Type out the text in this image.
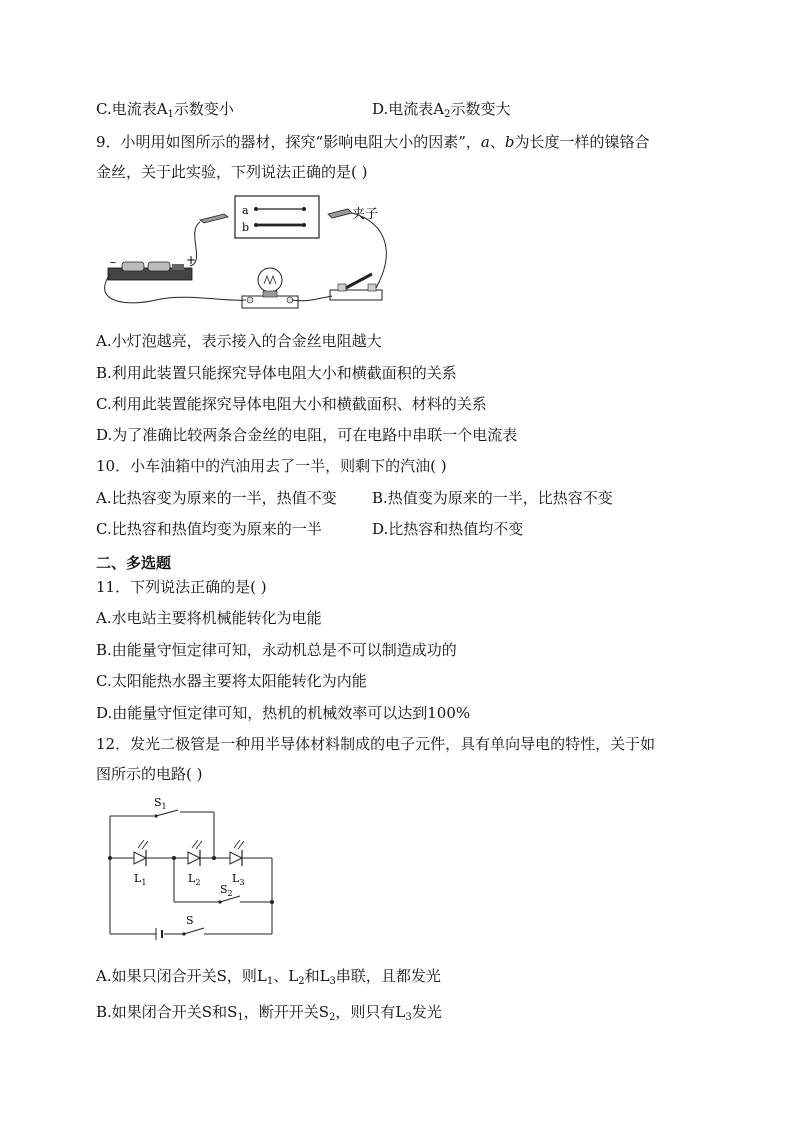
C.电流表$A_1$示数变小	D.电流表$A_2$示数变大
9．小明用如图所示的器材，探究“影响电阻大小的因素”，a、b为长度一样的镍铬合
金丝，关于此实验，下列说法正确的是( )
a
b
夹子
–	+
A.小灯泡越亮，表示接入的合金丝电阻越大
B.利用此装置只能探究导体电阻大小和横截面积的关系
C.利用此装置能探究导体电阻大小和横截面积、材料的关系
D.为了准确比较两条合金丝的电阻，可在电路中串联一个电流表
10．小车油箱中的汽油用去了一半，则剩下的汽油( )
A.比热容变为原来的一半，热值不变 B.热值变为原来的一半，比热容不变
C.比热容和热值均变为原来的一半	D.比热容和热值均不变
二、多选题
11．下列说法正确的是( )
A.水电站主要将机械能转化为电能
B.由能量守恒定律可知，永动机总是不可以制造成功的
C.太阳能热水器主要将太阳能转化为内能
D.由能量守恒定律可知，热机的机械效率可以达到100%
12．发光二极管是一种用半导体材料制成的电子元件，具有单向导电的特性，关于如
图所示的电路( )
$S_1$
$L_1$	$L_2$	$L_3$
$S_2$
S
A.如果只闭合开关S，则$L_1$、$L_2$和$L_3$串联，且都发光
B.如果闭合开关S和$S_1$，断开开关$S_2$，则只有$L_3$发光
